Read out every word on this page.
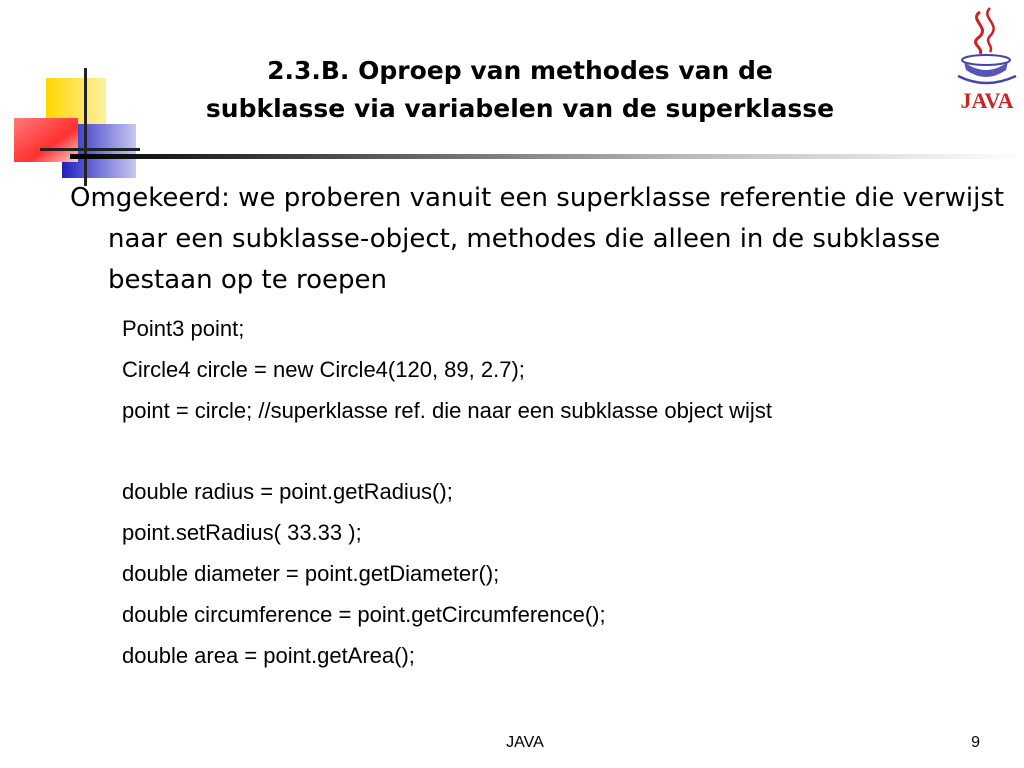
2.3.B. Oproep van methodes van de
subklasse via variabelen van de superklasse	JAVA
Omgekeerd: we proberen vanuit een superklasse referentie die verwijst naar een subklasse-object, methodes die alleen in de subklasse bestaan op te roepen
Point3 point;
Circle4 circle = new Circle4(120, 89, 2.7);
point = circle; //superklasse ref. die naar een subklasse object wijst
double radius = point.getRadius();
point.setRadius( 33.33 );
double diameter = point.getDiameter();
double circumference = point.getCircumference();
double area = point.getArea();
JAVA	9
